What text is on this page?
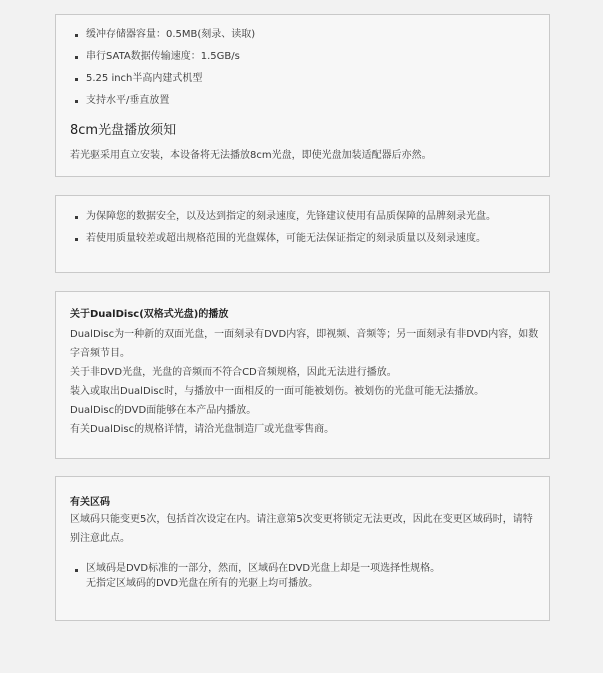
缓冲存储器容量：0.5MB(刻录、读取)
串行SATA数据传输速度：1.5GB/s
5.25 inch半高内建式机型
支持水平/垂直放置
8cm光盘播放须知
若光驱采用直立安装，本设备将无法播放8cm光盘，即使光盘加装适配器后亦然。
为保障您的数据安全，以及达到指定的刻录速度，先锋建议使用有品质保障的品牌刻录光盘。
若使用质量较差或超出规格范围的光盘媒体，可能无法保证指定的刻录质量以及刻录速度。
关于DualDisc(双格式光盘)的播放

DualDisc为一种新的双面光盘，一面刻录有DVD内容，即视频、音频等；另一面刻录有非DVD内容，如数字音频节目。

关于非DVD光盘，光盘的音频而不符合CD音频规格，因此无法进行播放。

装入或取出DualDisc时，与播放中一面相反的一面可能被划伤。被划伤的光盘可能无法播放。

DualDisc的DVD面能够在本产品内播放。

有关DualDisc的规格详情，请洽光盘制造厂或光盘零售商。

有关区码

区域码只能变更5次，包括首次设定在内。请注意第5次变更将锁定无法更改，因此在变更区域码时，请特别注意此点。

区域码是DVD标准的一部分，然而，区域码在DVD光盘上却是一项选择性规格。
无指定区域码的DVD光盘在所有的光驱上均可播放。
